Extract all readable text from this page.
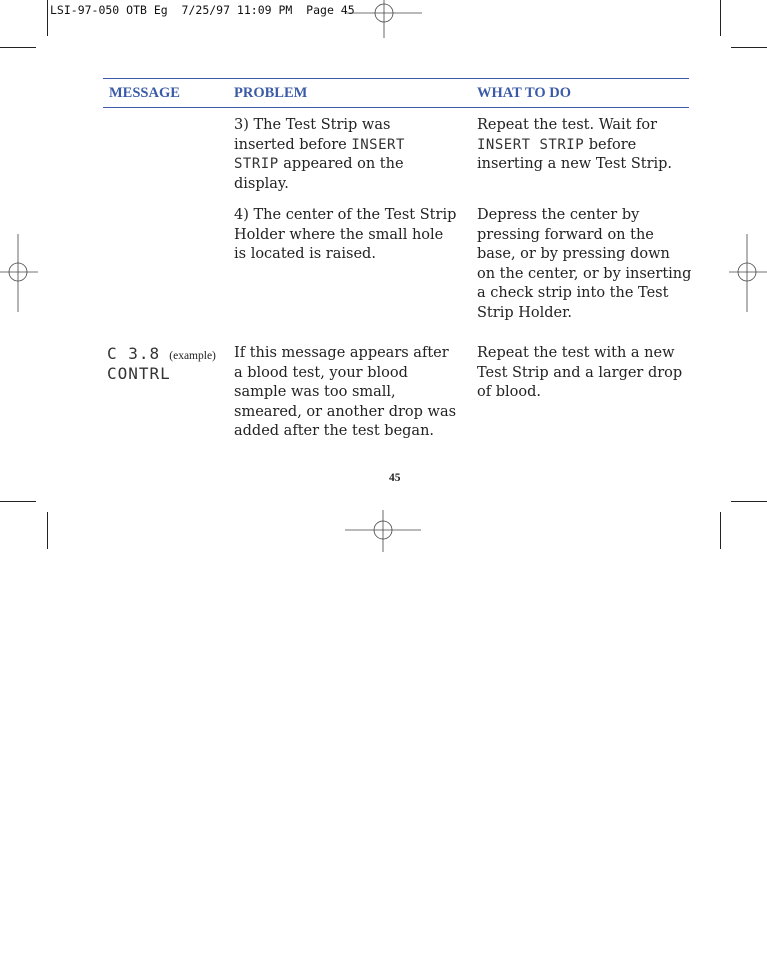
LSI-97-050 OTB Eg  7/25/97 11:09 PM  Page 45
MESSAGE	PROBLEM	WHAT TO DO
3) The Test Strip was
inserted before INSERT
STRIP appeared on the
display.
Repeat the test. Wait for
INSERT STRIP before
inserting a new Test Strip.
4) The center of the Test Strip
Holder where the small hole
is located is raised.
Depress the center by
pressing forward on the
base, or by pressing down
on the center, or by inserting
a check strip into the Test
Strip Holder.
C 3.8 (example)
CONTRL
If this message appears after
a blood test, your blood
sample was too small,
smeared, or another drop was
added after the test began.
Repeat the test with a new
Test Strip and a larger drop
of blood.
45
